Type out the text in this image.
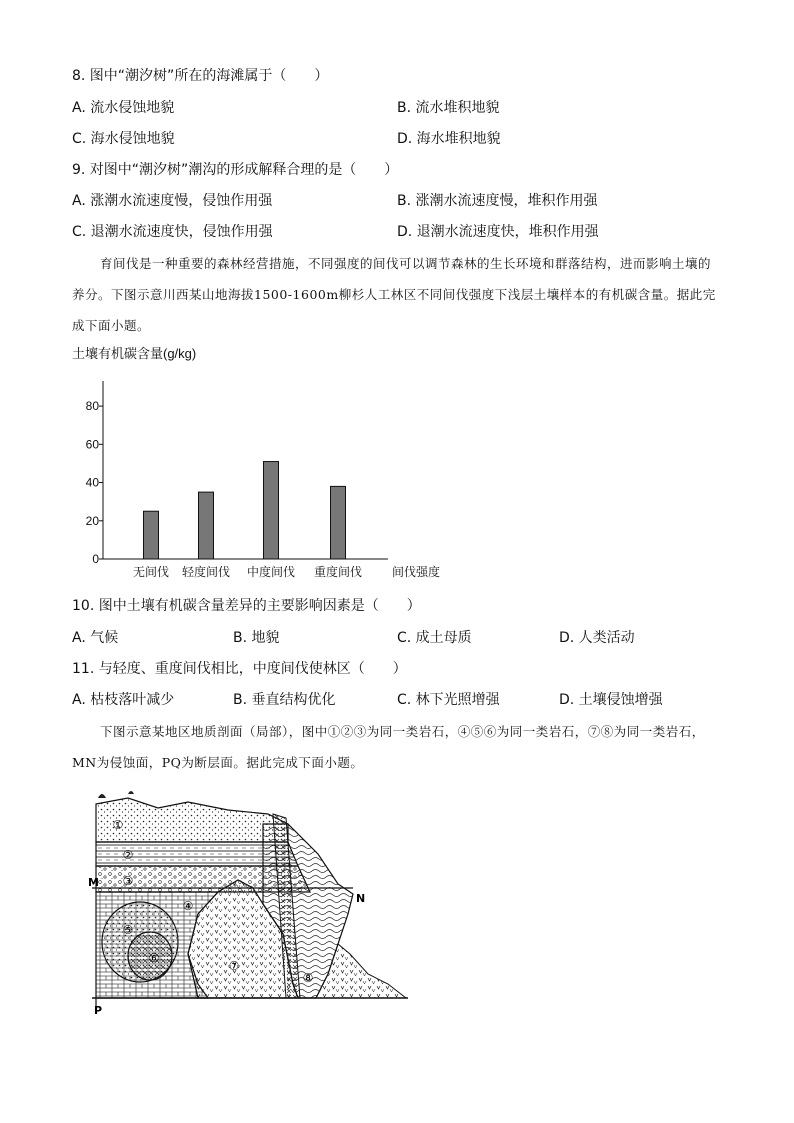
8. 图中“潮汐树”所在的海滩属于（　　）
A. 流水侵蚀地貌	B. 流水堆积地貌
C. 海水侵蚀地貌	D. 海水堆积地貌
9. 对图中“潮汐树”潮沟的形成解释合理的是（　　）
A. 涨潮水流速度慢，侵蚀作用强	B. 涨潮水流速度慢，堆积作用强
C. 退潮水流速度快，侵蚀作用强	D. 退潮水流速度快，堆积作用强
育间伐是一种重要的森林经营措施，不同强度的间伐可以调节森林的生长环境和群落结构，进而影响土壤的养分。下图示意川西某山地海拔1500-1600m柳杉人工林区不同间伐强度下浅层土壤样本的有机碳含量。据此完成下面小题。
土壤有机碳含量(g/kg)
0
20
40
60
80
无间伐 轻度间伐 中度间伐 重度间伐 间伐强度
10. 图中土壤有机碳含量差异的主要影响因素是（　　）
A. 气候	B. 地貌	C. 成土母质	D. 人类活动
11. 与轻度、重度间伐相比，中度间伐使林区（　　）
A. 枯枝落叶减少	B. 垂直结构优化	C. 林下光照增强	D. 土壤侵蚀增强
下图示意某地区地质剖面（局部），图中①②③为同一类岩石，④⑤⑥为同一类岩石，⑦⑧为同一类岩石，MN为侵蚀面，PQ为断层面。据此完成下面小题。
①
②
③
④
⑤
⑥
⑦
⑧
M
N
P
